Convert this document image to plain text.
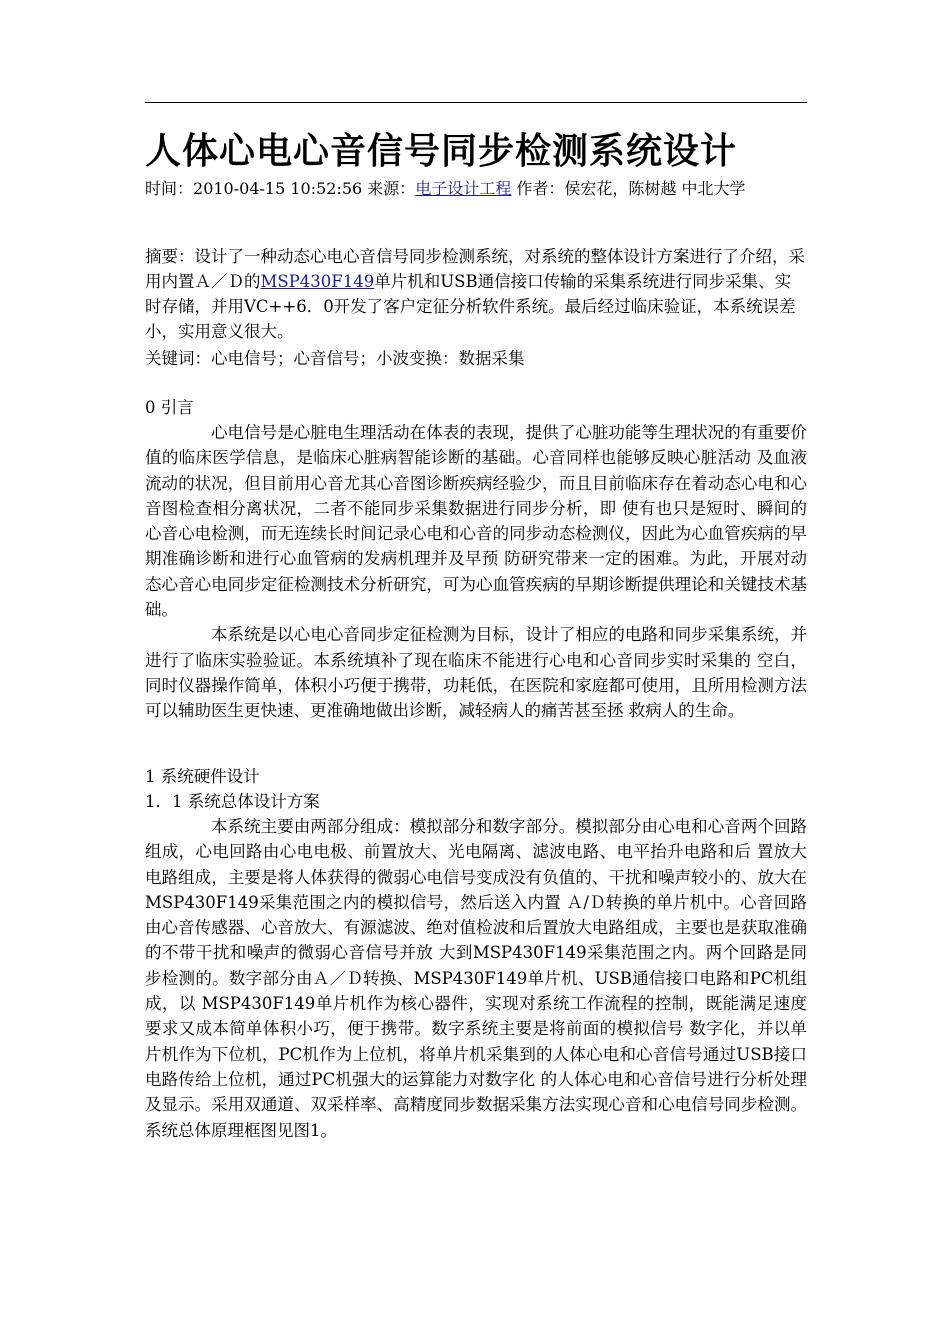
人体心电心音信号同步检测系统设计
时间：2010-04-15 10:52:56 来源：电子设计工程 作者：侯宏花，陈树越 中北大学
摘要：设计了一种动态心电心音信号同步检测系统，对系统的整体设计方案进行了介绍，采用内置Ａ／Ｄ的MSP430F149单片机和USB通信接口传输的采集系统进行同步采集、实时存储，并用VC++6．0开发了客户定征分析软件系统。最后经过临床验证，本系统误差小，实用意义很大。
关键词：心电信号；心音信号；小波变换：数据采集
0 引言

心电信号是心脏电生理活动在体表的表现，提供了心脏功能等生理状况的有重要价值的临床医学信息，是临床心脏病智能诊断的基础。心音同样也能够反映心脏活动 及血液流动的状况，但目前用心音尤其心音图诊断疾病经验少，而且目前临床存在着动态心电和心音图检查相分离状况，二者不能同步采集数据进行同步分析，即 使有也只是短时、瞬间的心音心电检测，而无连续长时间记录心电和心音的同步动态检测仪，因此为心血管疾病的早期准确诊断和进行心血管病的发病机理并及早预 防研究带来一定的困难。为此，开展对动态心音心电同步定征检测技术分析研究，可为心血管疾病的早期诊断提供理论和关键技术基础。

本系统是以心电心音同步定征检测为目标，设计了相应的电路和同步采集系统，并进行了临床实验验证。本系统填补了现在临床不能进行心电和心音同步实时采集的 空白，同时仪器操作简单，体积小巧便于携带，功耗低，在医院和家庭都可使用，且所用检测方法可以辅助医生更快速、更准确地做出诊断，减轻病人的痛苦甚至拯 救病人的生命。

1 系统硬件设计
1．1 系统总体设计方案

本系统主要由两部分组成：模拟部分和数字部分。模拟部分由心电和心音两个回路组成，心电回路由心电电极、前置放大、光电隔离、滤波电路、电平抬升电路和后 置放大电路组成，主要是将人体获得的微弱心电信号变成没有负值的、干扰和噪声较小的、放大在MSP430F149采集范围之内的模拟信号，然后送入内置 Ａ/Ｄ转换的单片机中。心音回路由心音传感器、心音放大、有源滤波、绝对值检波和后置放大电路组成，主要也是获取准确的不带干扰和噪声的微弱心音信号并放 大到MSP430F149采集范围之内。两个回路是同步检测的。数字部分由Ａ／Ｄ转换、MSP430F149单片机、USB通信接口电路和PC机组成，以 MSP430F149单片机作为核心器件，实现对系统工作流程的控制，既能满足速度要求又成本简单体积小巧，便于携带。数字系统主要是将前面的模拟信号 数字化，并以单片机作为下位机，PC机作为上位机，将单片机采集到的人体心电和心音信号通过USB接口电路传给上位机，通过PC机强大的运算能力对数字化 的人体心电和心音信号进行分析处理及显示。采用双通道、双采样率、高精度同步数据采集方法实现心音和心电信号同步检测。系统总体原理框图见图1。
